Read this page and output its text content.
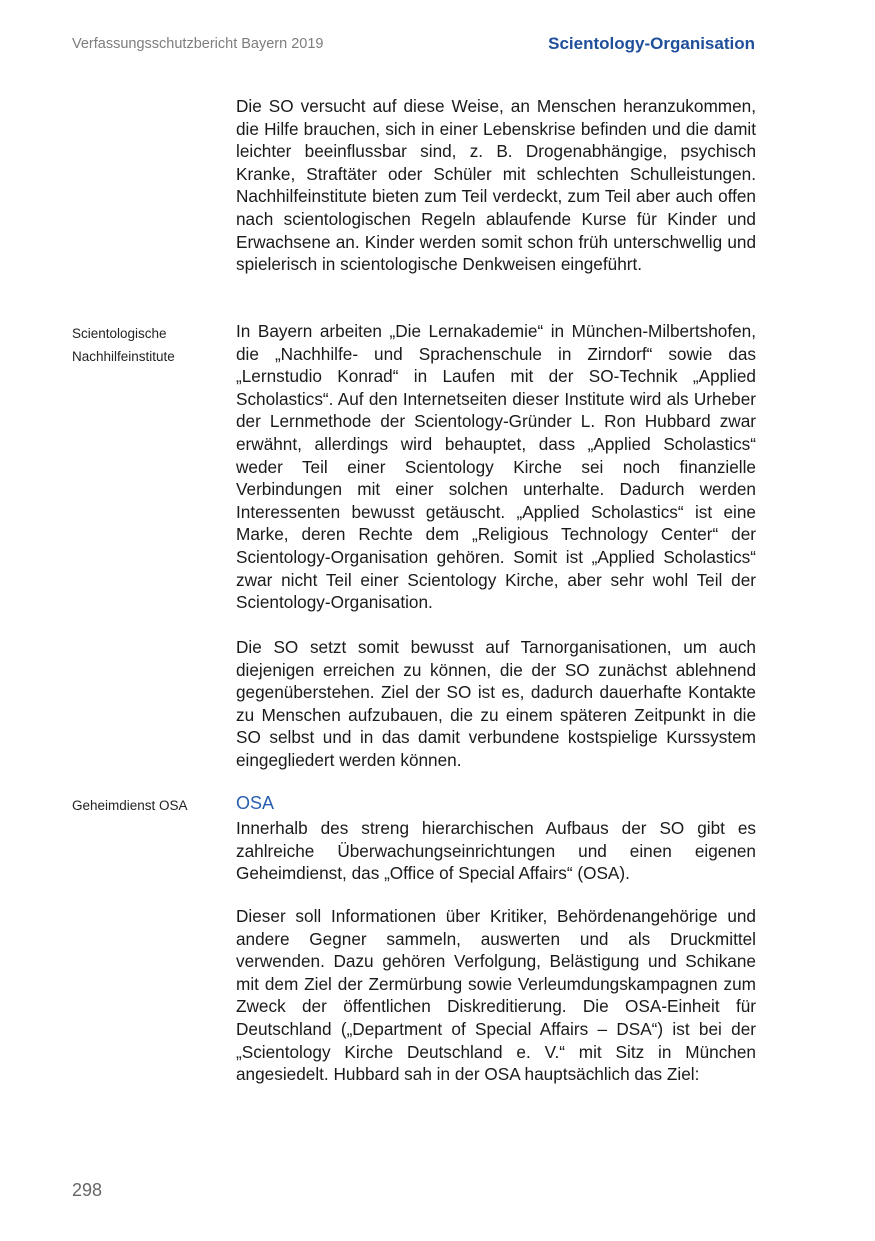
Verfassungsschutzbericht Bayern 2019	Scientology-Organisation
Die SO versucht auf diese Weise, an Menschen heranzukommen, die Hilfe brauchen, sich in einer Lebenskrise befinden und die damit leichter beeinflussbar sind, z. B. Drogenabhängige, psychisch Kranke, Straftäter oder Schüler mit schlechten Schulleistungen. Nachhilfeinstitute bieten zum Teil verdeckt, zum Teil aber auch offen nach scientologischen Regeln ablaufende Kurse für Kinder und Erwachsene an. Kinder werden somit schon früh unterschwellig und spielerisch in scientologische Denkweisen eingeführt.
Scientologische Nachhilfeinstitute
In Bayern arbeiten „Die Lernakademie“ in München-Milbertshofen, die „Nachhilfe- und Sprachenschule in Zirndorf“ sowie das „Lernstudio Konrad“ in Laufen mit der SO-Technik „Applied Scholastics“. Auf den Internetseiten dieser Institute wird als Urheber der Lernmethode der Scientology-Gründer L. Ron Hubbard zwar erwähnt, allerdings wird behauptet, dass „Applied Scholastics“ weder Teil einer Scientology Kirche sei noch finanzielle Verbindungen mit einer solchen unterhalte. Dadurch werden Interessenten bewusst getäuscht. „Applied Scholastics“ ist eine Marke, deren Rechte dem „Religious Technology Center“ der Scientology-Organisation gehören. Somit ist „Applied Scholastics“ zwar nicht Teil einer Scientology Kirche, aber sehr wohl Teil der Scientology-Organisation.
Die SO setzt somit bewusst auf Tarnorganisationen, um auch diejenigen erreichen zu können, die der SO zunächst ablehnend gegenüberstehen. Ziel der SO ist es, dadurch dauerhafte Kontakte zu Menschen aufzubauen, die zu einem späteren Zeitpunkt in die SO selbst und in das damit verbundene kostspielige Kurssystem eingegliedert werden können.
Geheimdienst OSA	OSA
Innerhalb des streng hierarchischen Aufbaus der SO gibt es zahlreiche Überwachungseinrichtungen und einen eigenen Geheimdienst, das „Office of Special Affairs“ (OSA).
Dieser soll Informationen über Kritiker, Behördenangehörige und andere Gegner sammeln, auswerten und als Druckmittel verwenden. Dazu gehören Verfolgung, Belästigung und Schikane mit dem Ziel der Zermürbung sowie Verleumdungskampagnen zum Zweck der öffentlichen Diskreditierung. Die OSA-Einheit für Deutschland („Department of Special Affairs – DSA“) ist bei der „Scientology Kirche Deutschland e. V.“ mit Sitz in München angesiedelt. Hubbard sah in der OSA hauptsächlich das Ziel:
298
